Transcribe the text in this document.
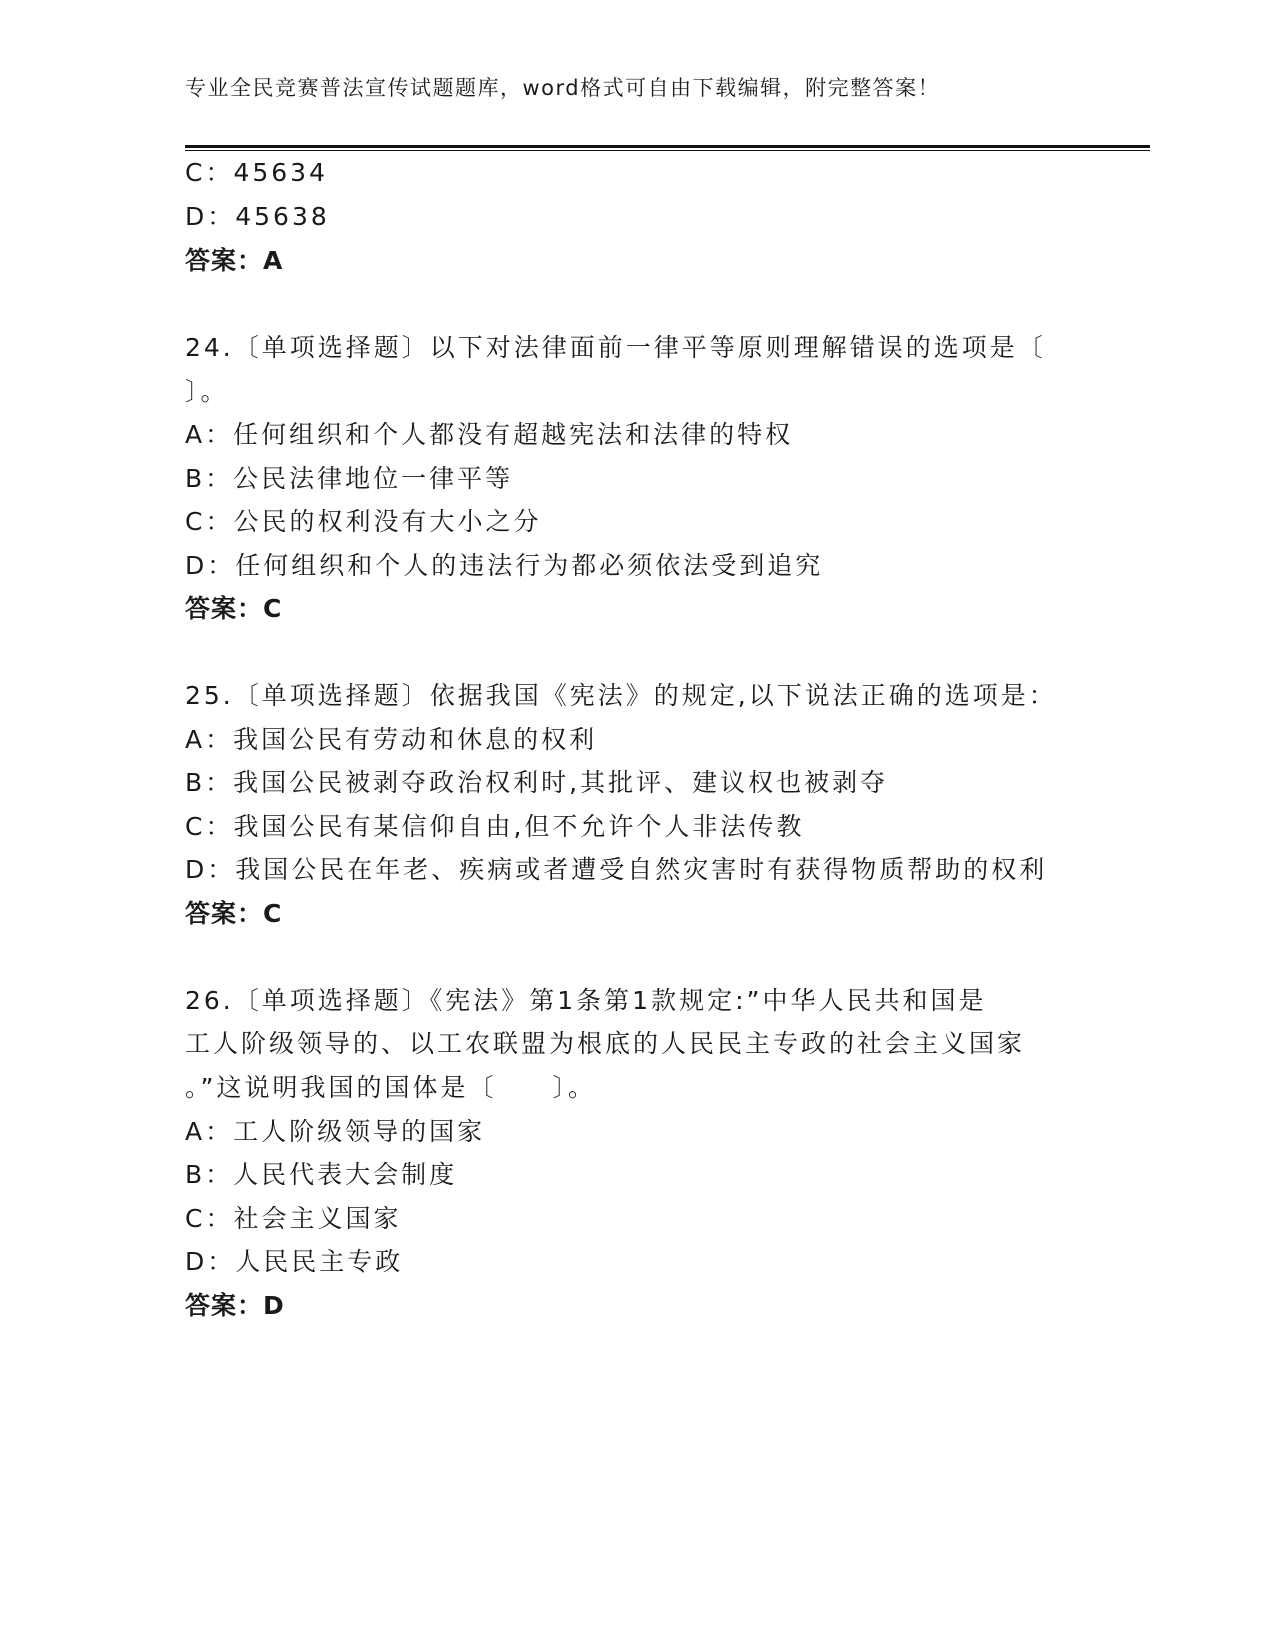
专业全民竞赛普法宣传试题题库，word格式可自由下载编辑，附完整答案！
C：45634
D：45638
答案：A
24.〔单项选择题〕以下对法律面前一律平等原则理解错误的选项是〔
〕。
A：任何组织和个人都没有超越宪法和法律的特权
B：公民法律地位一律平等
C：公民的权利没有大小之分
D：任何组织和个人的违法行为都必须依法受到追究
答案：C
25.〔单项选择题〕依据我国《宪法》的规定,以下说法正确的选项是：
A：我国公民有劳动和休息的权利
B：我国公民被剥夺政治权利时,其批评、建议权也被剥夺
C：我国公民有某信仰自由,但不允许个人非法传教
D：我国公民在年老、疾病或者遭受自然灾害时有获得物质帮助的权利
答案：C
26.〔单项选择题〕《宪法》第1条第1款规定:”中华人民共和国是
工人阶级领导的、以工农联盟为根底的人民民主专政的社会主义国家
。”这说明我国的国体是〔　　〕。
A：工人阶级领导的国家
B：人民代表大会制度
C：社会主义国家
D：人民民主专政
答案：D
